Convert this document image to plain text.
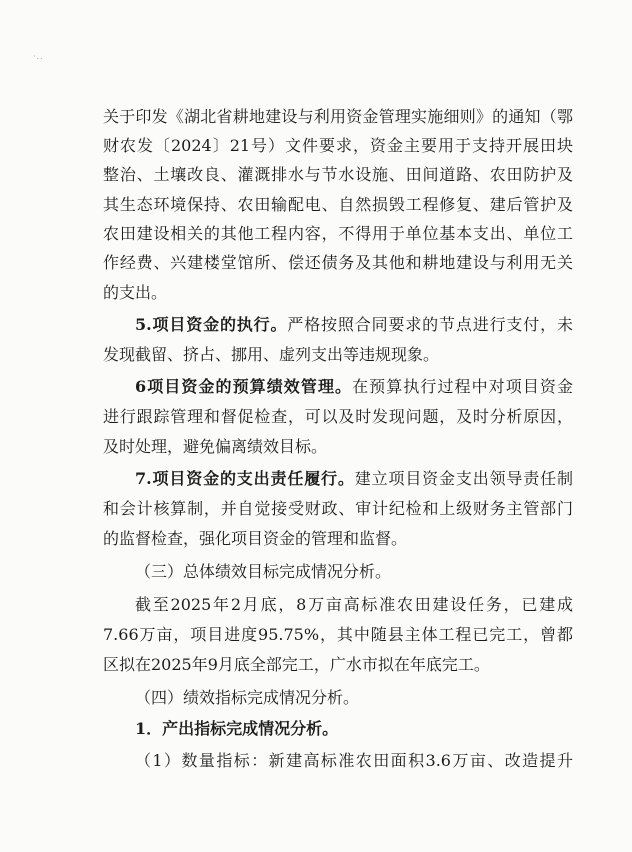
·..
关于印发《湖北省耕地建设与利用资金管理实施细则》的通知（鄂
财农发〔2024〕21号）文件要求，资金主要用于支持开展田块
整治、土壤改良、灌溉排水与节水设施、田间道路、农田防护及
其生态环境保持、农田输配电、自然损毁工程修复、建后管护及
农田建设相关的其他工程内容，不得用于单位基本支出、单位工
作经费、兴建楼堂馆所、偿还债务及其他和耕地建设与利用无关
的支出。
5.项目资金的执行。严格按照合同要求的节点进行支付，未
发现截留、挤占、挪用、虚列支出等违规现象。
6项目资金的预算绩效管理。在预算执行过程中对项目资金
进行跟踪管理和督促检查，可以及时发现问题，及时分析原因，
及时处理，避免偏离绩效目标。
7.项目资金的支出责任履行。建立项目资金支出领导责任制
和会计核算制，并自觉接受财政、审计纪检和上级财务主管部门
的监督检查，强化项目资金的管理和监督。
（三）总体绩效目标完成情况分析。
截至2025年2月底，8万亩高标准农田建设任务，已建成
7.66万亩，项目进度95.75%，其中随县主体工程已完工，曾都
区拟在2025年9月底全部完工，广水市拟在年底完工。
（四）绩效指标完成情况分析。
1．产出指标完成情况分析。
（1）数量指标：新建高标准农田面积3.6万亩、改造提升
